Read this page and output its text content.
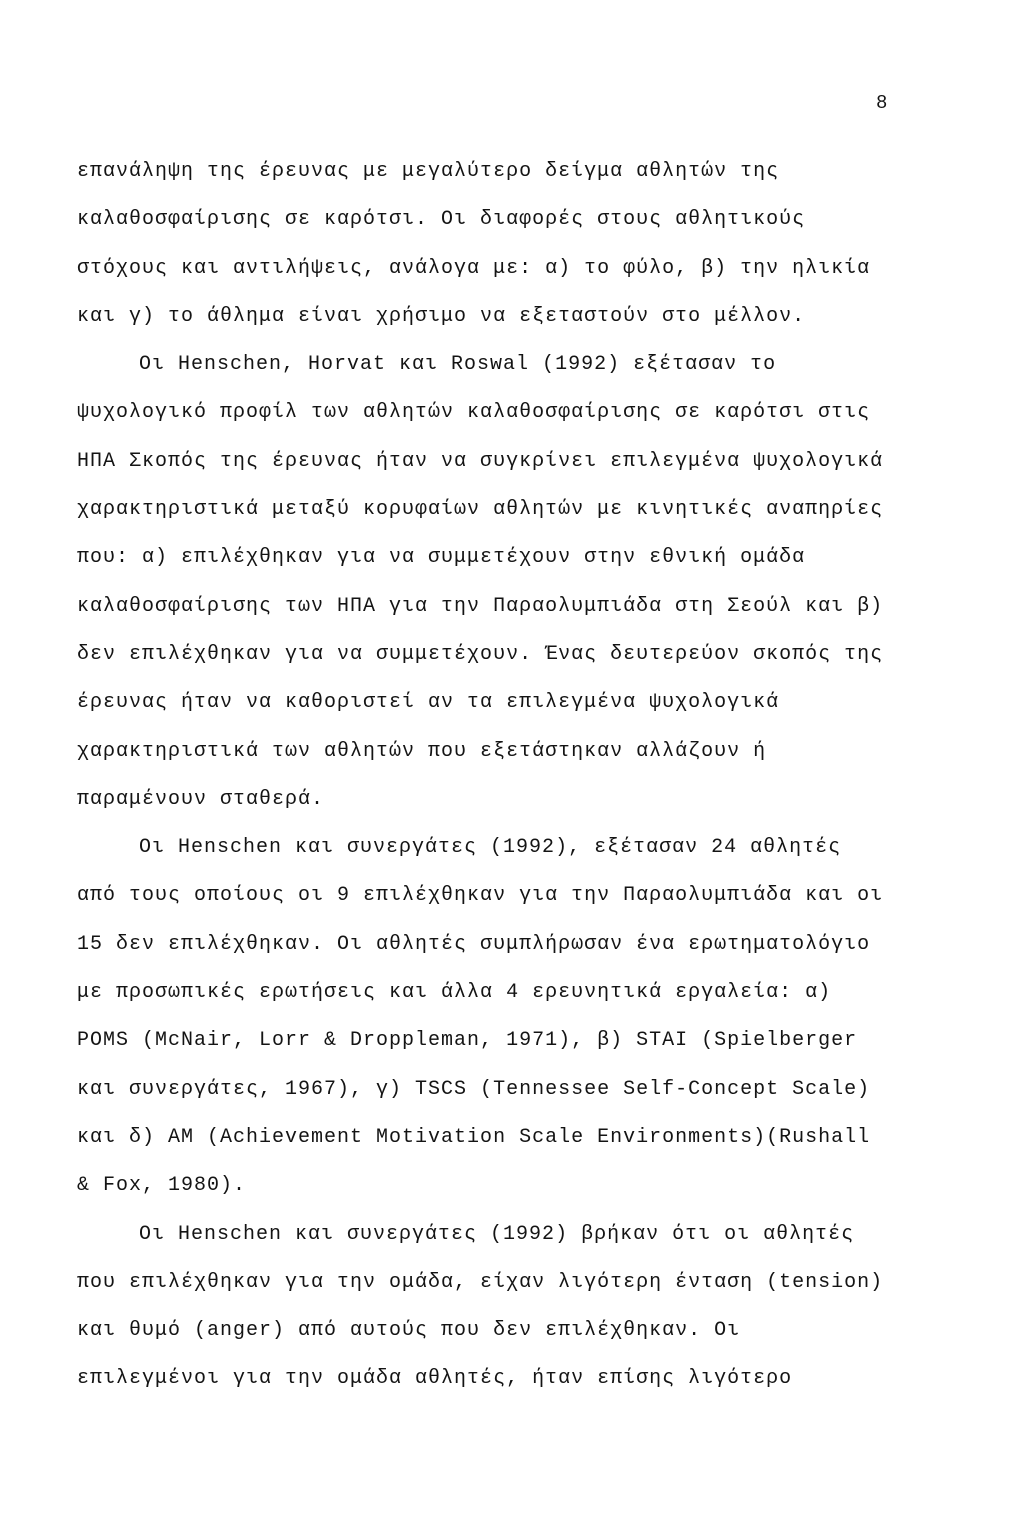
8
επανάληψη της έρευνας με μεγαλύτερο δείγμα αθλητών της
καλαθοσφαίρισης σε καρότσι. Οι διαφορές στους αθλητικούς
στόχους και αντιλήψεις, ανάλογα με: α) το φύλο, β) την ηλικία
και γ) το άθλημα είναι χρήσιμο να εξεταστούν στο μέλλον.
Οι Henschen, Horvat και Roswal (1992) εξέτασαν το
ψυχολογικό προφίλ των αθλητών καλαθοσφαίρισης σε καρότσι στις
ΗΠΑ Σκοπός της έρευνας ήταν να συγκρίνει επιλεγμένα ψυχολογικά
χαρακτηριστικά μεταξύ κορυφαίων αθλητών με κινητικές αναπηρίες
που: α) επιλέχθηκαν για να συμμετέχουν στην εθνική ομάδα
καλαθοσφαίρισης των ΗΠΑ για την Παραολυμπιάδα στη Σεούλ και β)
δεν επιλέχθηκαν για να συμμετέχουν. Ένας δευτερεύον σκοπός της
έρευνας ήταν να καθοριστεί αν τα επιλεγμένα ψυχολογικά
χαρακτηριστικά των αθλητών που εξετάστηκαν αλλάζουν ή
παραμένουν σταθερά.
Οι Henschen και συνεργάτες (1992), εξέτασαν 24 αθλητές
από τους οποίους οι 9 επιλέχθηκαν για την Παραολυμπιάδα και οι
15 δεν επιλέχθηκαν. Οι αθλητές συμπλήρωσαν ένα ερωτηματολόγιο
με προσωπικές ερωτήσεις και άλλα 4 ερευνητικά εργαλεία: α)
POMS (McNair, Lorr & Droppleman, 1971), β) STAI (Spielberger
και συνεργάτες, 1967), γ) TSCS (Tennessee Self-Concept Scale)
και δ) AM (Achievement Motivation Scale Environments)(Rushall
& Fox, 1980).
Οι Henschen και συνεργάτες (1992) βρήκαν ότι οι αθλητές
που επιλέχθηκαν για την ομάδα, είχαν λιγότερη ένταση (tension)
και θυμό (anger) από αυτούς που δεν επιλέχθηκαν. Οι
επιλεγμένοι για την ομάδα αθλητές, ήταν επίσης λιγότερο
